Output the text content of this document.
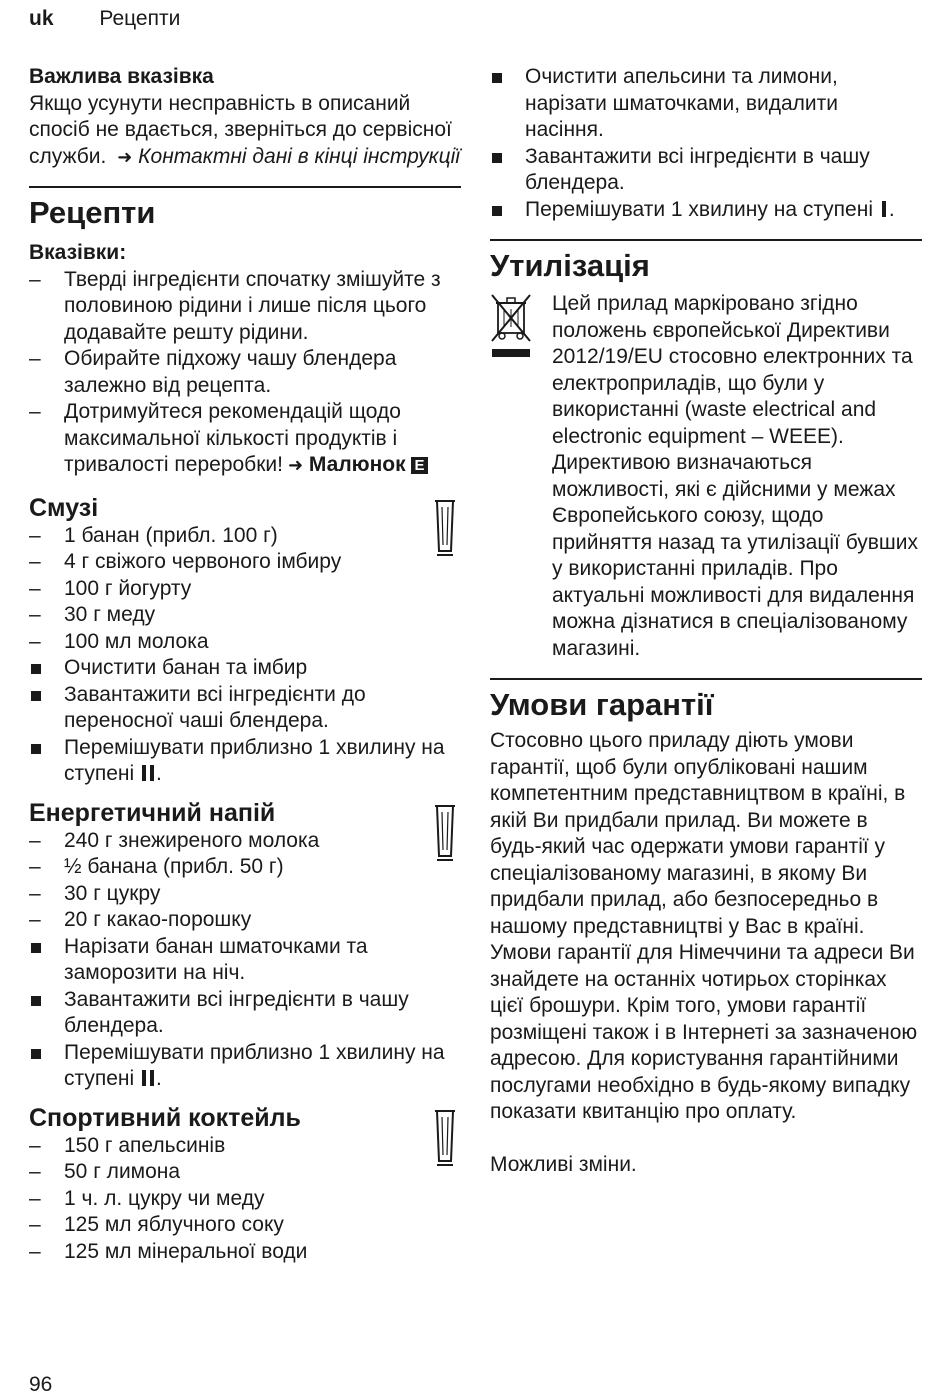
uk Рецепти
Важлива вказівка
Якщо усунути несправність в описаний спосіб не вдається, зверніться до сервісної служби.  ➜ Контактні дані в кінці інструкції
Рецепти
Вказівки:
– Тверді інгредієнти спочатку змішуйте з половиною рідини і лише після цього додавайте решту рідини.
– Обирайте підхожу чашу блендера залежно від рецепта.
– Дотримуйтеся рекомендацій щодо максимальної кількості продуктів і тривалості переробки! ➜ Малюнок E
Смузі
– 1 банан (прибл. 100 г)
– 4 г свіжого червоного імбиру
– 100 г йогурту
– 30 г меду
– 100 мл молока
Очистити банан та імбир
Завантажити всі інгредієнти до переносної чаші блендера.
Перемішувати приблизно 1 хвилину на ступені .
Енергетичний напій
– 240 г знежиреного молока
– ½ банана (прибл. 50 г)
– 30 г цукру
– 20 г какао-порошку
Нарізати банан шматочками та заморозити на ніч.
Завантажити всі інгредієнти в чашу блендера.
Перемішувати приблизно 1 хвилину на ступені .
Спортивний коктейль
– 150 г апельсинів
– 50 г лимона
– 1 ч. л. цукру чи меду
– 125 мл яблучного соку
– 125 мл мінеральної води
Очистити апельсини та лимони, нарізати шматочками, видалити насіння.
Завантажити всі інгредієнти в чашу блендера.
Перемішувати 1 хвилину на ступені .
Утилізація
Цей прилад маркіровано згідно положень європейської Директиви 2012/19/EU стосовно електронних та електроприладів, що були у використанні (waste electrical and electronic equipment – WEEE). Директивою визначаються можливості, які є дійсними у межах Європейського союзу, щодо прийняття назад та утилізації бувших у використанні приладів. Про актуальні можливості для видалення можна дізнатися в спеціалізованому магазині.
Умови гарантії
Стосовно цього приладу діють умови гарантії, щоб були опубліковані нашим компетентним представництвом в країні, в якій Ви придбали прилад. Ви можете в будь-який час одержати умови гарантії у спеціалізованому магазині, в якому Ви придбали прилад, або безпосередньо в нашому представництві у Вас в країні. Умови гарантії для Німеччини та адреси Ви знайдете на останніх чотирьох сторінках цієї брошури. Крім того, умови гарантії розміщені також і в Інтернеті за зазначеною адресою. Для користування гарантійними послугами необхідно в будь-якому випадку показати квитанцію про оплату.
Можливі зміни.
96
